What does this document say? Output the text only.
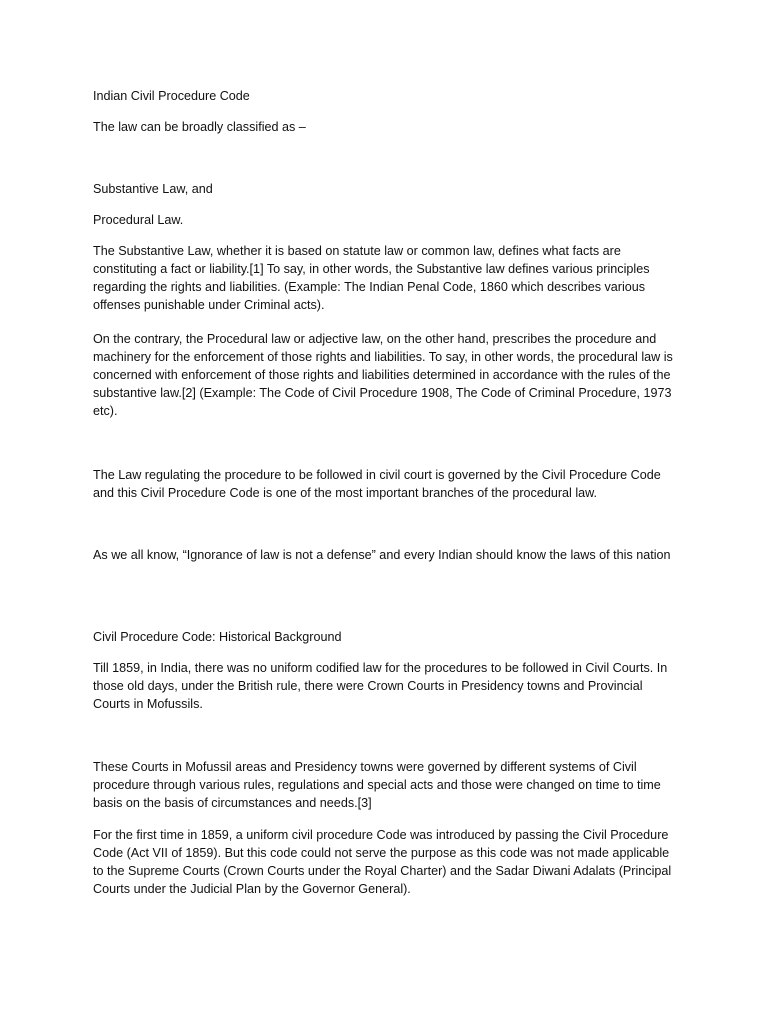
Indian Civil Procedure Code

The law can be broadly classified as –

Substantive Law, and

Procedural Law.

The Substantive Law, whether it is based on statute law or common law, defines what facts are constituting a fact or liability.[1] To say, in other words, the Substantive law defines various principles regarding the rights and liabilities. (Example: The Indian Penal Code, 1860 which describes various offenses punishable under Criminal acts).

On the contrary, the Procedural law or adjective law, on the other hand, prescribes the procedure and machinery for the enforcement of those rights and liabilities. To say, in other words, the procedural law is concerned with enforcement of those rights and liabilities determined in accordance with the rules of the substantive law.[2] (Example: The Code of Civil Procedure 1908, The Code of Criminal Procedure, 1973 etc).

The Law regulating the procedure to be followed in civil court is governed by the Civil Procedure Code and this Civil Procedure Code is one of the most important branches of the procedural law.

As we all know, “Ignorance of law is not a defense” and every Indian should know the laws of this nation

Civil Procedure Code: Historical Background

Till 1859, in India, there was no uniform codified law for the procedures to be followed in Civil Courts. In those old days, under the British rule, there were Crown Courts in Presidency towns and Provincial Courts in Mofussils.

These Courts in Mofussil areas and Presidency towns were governed by different systems of Civil procedure through various rules, regulations and special acts and those were changed on time to time basis on the basis of circumstances and needs.[3]

For the first time in 1859, a uniform civil procedure Code was introduced by passing the Civil Procedure Code (Act VII of 1859). But this code could not serve the purpose as this code was not made applicable to the Supreme Courts (Crown Courts under the Royal Charter) and the Sadar Diwani Adalats (Principal Courts under the Judicial Plan by the Governor General).
